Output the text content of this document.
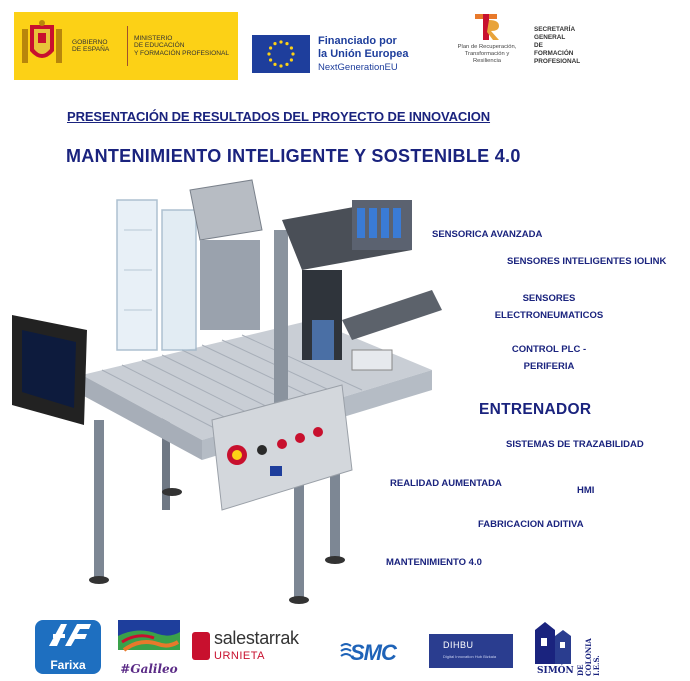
GOBIERNO
DE ESPAÑA
MINISTERIO
DE EDUCACIÓN
Y FORMACIÓN PROFESIONAL
Financiado por
la Unión Europea
NextGenerationEU
Plan de Recuperación,
Transformación y
Resiliencia
SECRETARÍA
GENERAL
DE
FORMACIÓN
PROFESIONAL
PRESENTACIÓN DE RESULTADOS DEL PROYECTO DE INNOVACION
MANTENIMIENTO INTELIGENTE Y SOSTENIBLE 4.0
SENSORICA AVANZADA
SENSORES INTELIGENTES IOLINK
SENSORES
ELECTRONEUMATICOS
CONTROL PLC -
PERIFERIA
ENTRENADOR
SISTEMAS DE TRAZABILIDAD
REALIDAD AUMENTADA
HMI
FABRICACION ADITIVA
MANTENIMIENTO 4.0
Farixa	#Galileo
salestarrak
URNIETA	SMC	DIHBU
Digital Innovation Hub Bizkaia
SIMÓN DE COLONIA I.E.S.
